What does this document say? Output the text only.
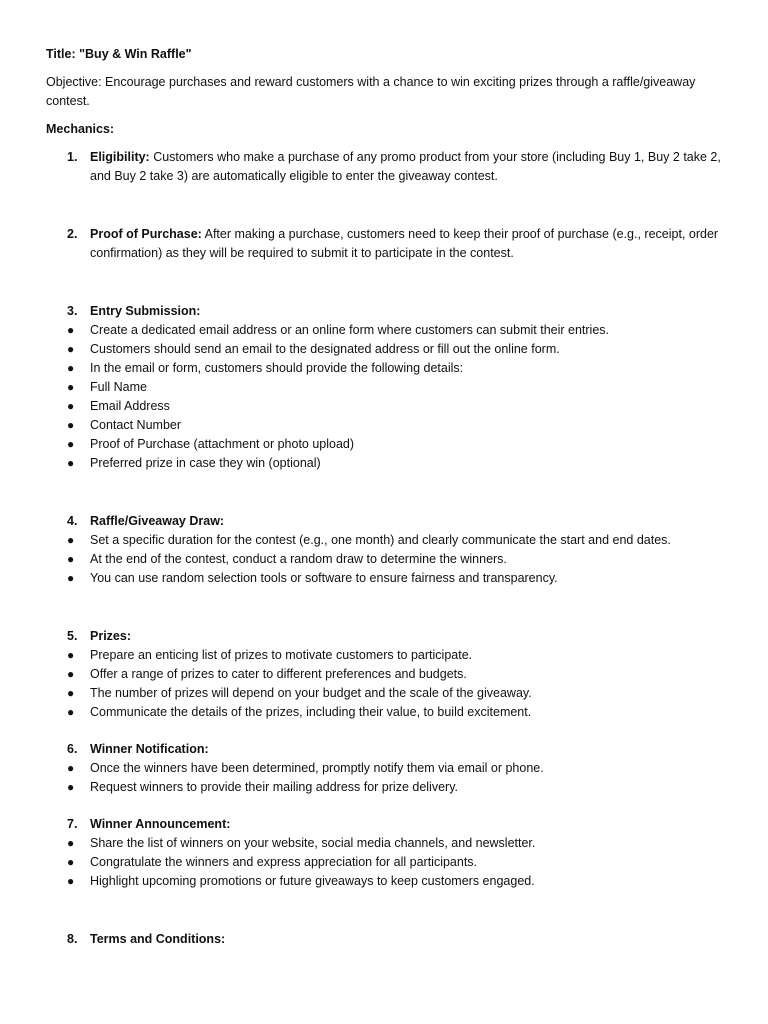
Title: "Buy & Win Raffle"

Objective: Encourage purchases and reward customers with a chance to win exciting prizes through a raffle/giveaway contest.

Mechanics:

1. Eligibility: Customers who make a purchase of any promo product from your store (including Buy 1, Buy 2 take 2, and Buy 2 take 3) are automatically eligible to enter the giveaway contest.
2. Proof of Purchase: After making a purchase, customers need to keep their proof of purchase (e.g., receipt, order confirmation) as they will be required to submit it to participate in the contest.
3. Entry Submission:
● Create a dedicated email address or an online form where customers can submit their entries.
● Customers should send an email to the designated address or fill out the online form.
● In the email or form, customers should provide the following details:
● Full Name
● Email Address
● Contact Number
● Proof of Purchase (attachment or photo upload)
● Preferred prize in case they win (optional)
4. Raffle/Giveaway Draw:
● Set a specific duration for the contest (e.g., one month) and clearly communicate the start and end dates.
● At the end of the contest, conduct a random draw to determine the winners.
● You can use random selection tools or software to ensure fairness and transparency.
5. Prizes:
● Prepare an enticing list of prizes to motivate customers to participate.
● Offer a range of prizes to cater to different preferences and budgets.
● The number of prizes will depend on your budget and the scale of the giveaway.
● Communicate the details of the prizes, including their value, to build excitement.
6. Winner Notification:
● Once the winners have been determined, promptly notify them via email or phone.
● Request winners to provide their mailing address for prize delivery.
7. Winner Announcement:
● Share the list of winners on your website, social media channels, and newsletter.
● Congratulate the winners and express appreciation for all participants.
● Highlight upcoming promotions or future giveaways to keep customers engaged.
8. Terms and Conditions:
